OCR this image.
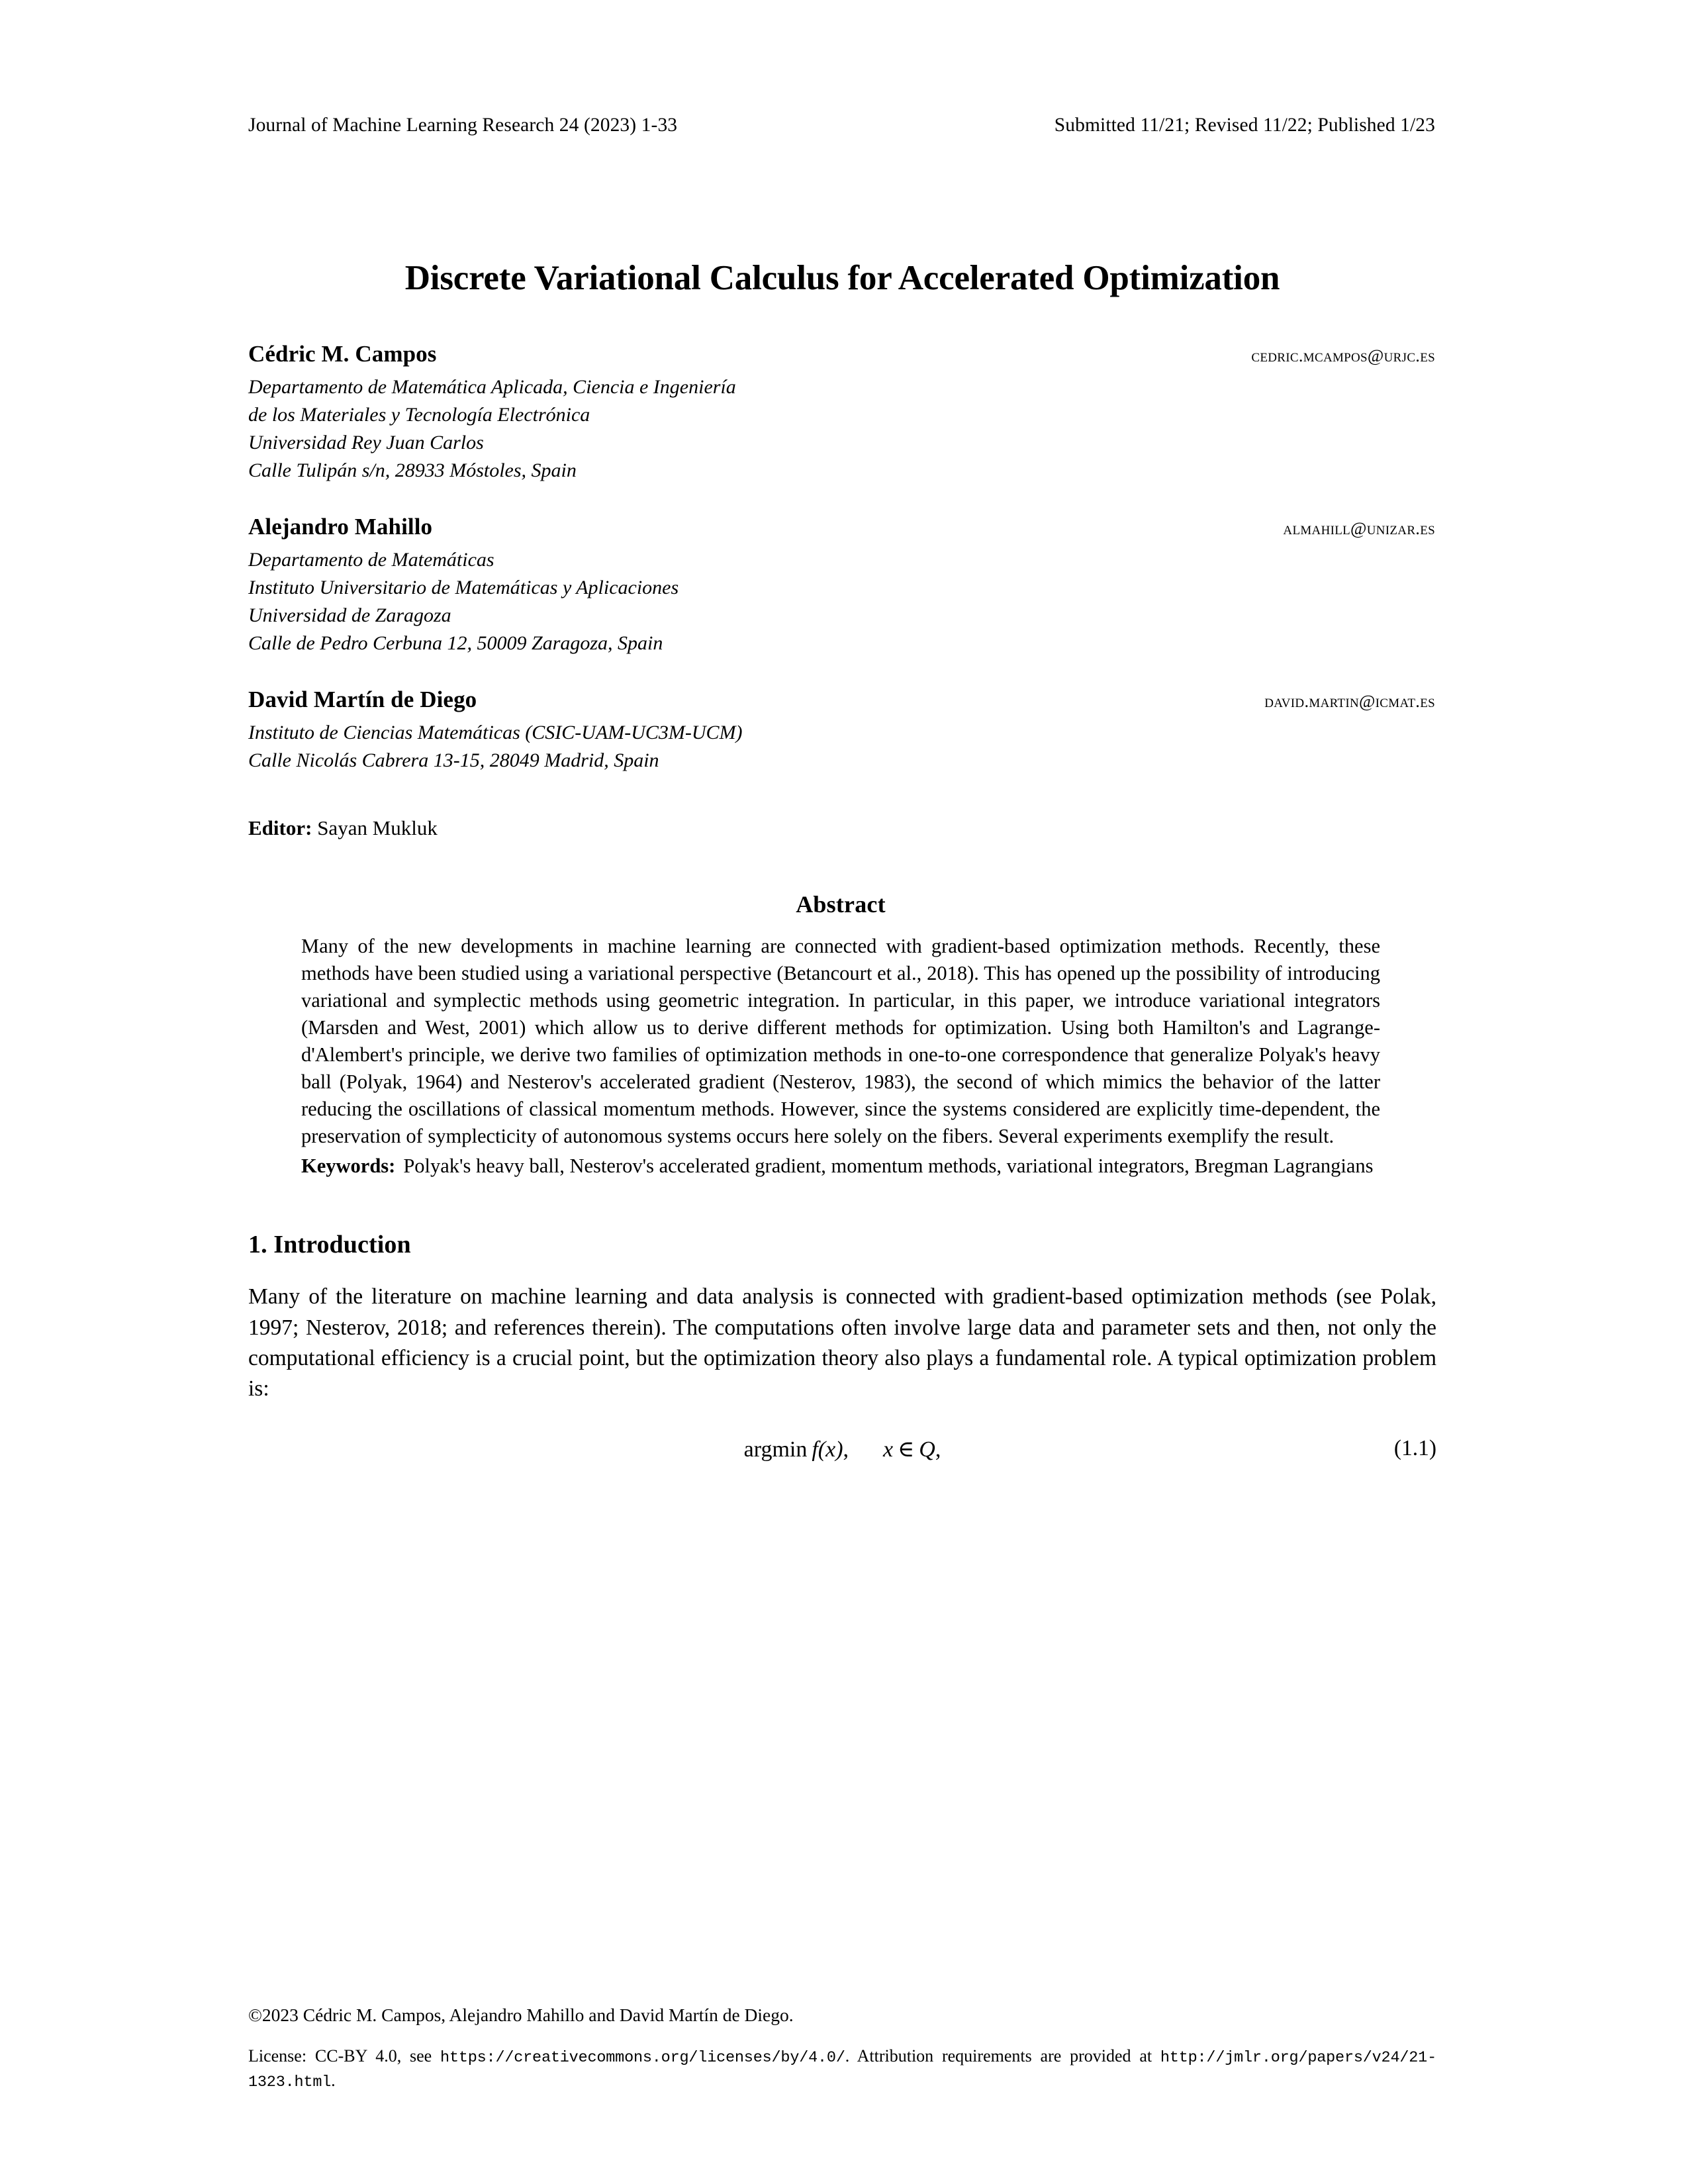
Journal of Machine Learning Research 24 (2023) 1-33	Submitted 11/21; Revised 11/22; Published 1/23
Discrete Variational Calculus for Accelerated Optimization
Cédric M. Campos	cedric.mcampos@urjc.es
Departamento de Matemática Aplicada, Ciencia e Ingeniería
de los Materiales y Tecnología Electrónica
Universidad Rey Juan Carlos
Calle Tulipán s/n, 28933 Móstoles, Spain
Alejandro Mahillo	almahill@unizar.es
Departamento de Matemáticas
Instituto Universitario de Matemáticas y Aplicaciones
Universidad de Zaragoza
Calle de Pedro Cerbuna 12, 50009 Zaragoza, Spain
David Martín de Diego	david.martin@icmat.es
Instituto de Ciencias Matemáticas (CSIC-UAM-UC3M-UCM)
Calle Nicolás Cabrera 13-15, 28049 Madrid, Spain
Editor: Sayan Mukluk
Abstract
Many of the new developments in machine learning are connected with gradient-based optimization methods. Recently, these methods have been studied using a variational perspective (Betancourt et al., 2018). This has opened up the possibility of introducing variational and symplectic methods using geometric integration. In particular, in this paper, we introduce variational integrators (Marsden and West, 2001) which allow us to derive different methods for optimization. Using both Hamilton's and Lagrange-d'Alembert's principle, we derive two families of optimization methods in one-to-one correspondence that generalize Polyak's heavy ball (Polyak, 1964) and Nesterov's accelerated gradient (Nesterov, 1983), the second of which mimics the behavior of the latter reducing the oscillations of classical momentum methods. However, since the systems considered are explicitly time-dependent, the preservation of symplecticity of autonomous systems occurs here solely on the fibers. Several experiments exemplify the result.
Keywords: Polyak's heavy ball, Nesterov's accelerated gradient, momentum methods, variational integrators, Bregman Lagrangians
1. Introduction

Many of the literature on machine learning and data analysis is connected with gradient-based optimization methods (see Polak, 1997; Nesterov, 2018; and references therein). The computations often involve large data and parameter sets and then, not only the computational efficiency is a crucial point, but the optimization theory also plays a fundamental role. A typical optimization problem is:

argmin f(x), x ∈ Q,	(1.1)
©2023 Cédric M. Campos, Alejandro Mahillo and David Martín de Diego.
License: CC-BY 4.0, see https://creativecommons.org/licenses/by/4.0/. Attribution requirements are provided at http://jmlr.org/papers/v24/21-1323.html.
